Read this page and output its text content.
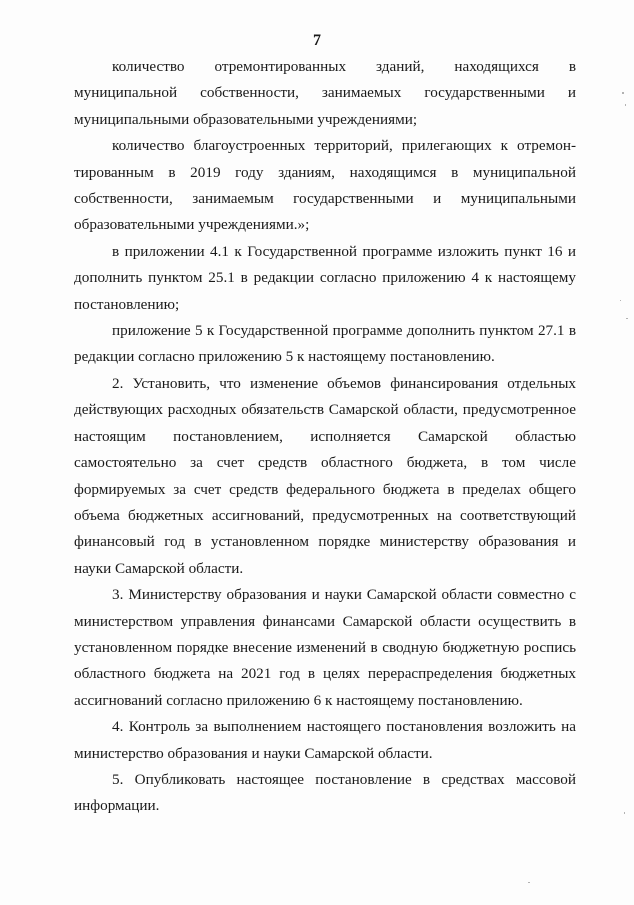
7

количество отремонтированных зданий, находящихся в муниципальной собственности, занимаемых государственными и муниципальными образовательными учреждениями;

количество благоустроенных территорий, прилегающих к отремон-тированным в 2019 году зданиям, находящимся в муниципальной собственности, занимаемым государственными и муниципальными образовательными учреждениями.»;

в приложении 4.1 к Государственной программе изложить пункт 16 и дополнить пунктом 25.1 в редакции согласно приложению 4 к настоящему постановлению;

приложение 5 к Государственной программе дополнить пунктом 27.1 в редакции согласно приложению 5 к настоящему постановлению.

2. Установить, что изменение объемов финансирования отдельных действующих расходных обязательств Самарской области, предусмотренное настоящим постановлением, исполняется Самарской областью самостоятельно за счет средств областного бюджета, в том числе формируемых за счет средств федерального бюджета в пределах общего объема бюджетных ассигнований, предусмотренных на соответствующий финансовый год в установленном порядке министерству образования и науки Самарской области.

3. Министерству образования и науки Самарской области совместно с министерством управления финансами Самарской области осуществить в установленном порядке внесение изменений в сводную бюджетную роспись областного бюджета на 2021 год в целях перераспределения бюджетных ассигнований согласно приложению 6 к настоящему постановлению.

4. Контроль за выполнением настоящего постановления возложить на министерство образования и науки Самарской области.

5. Опубликовать настоящее постановление в средствах массовой информации.
